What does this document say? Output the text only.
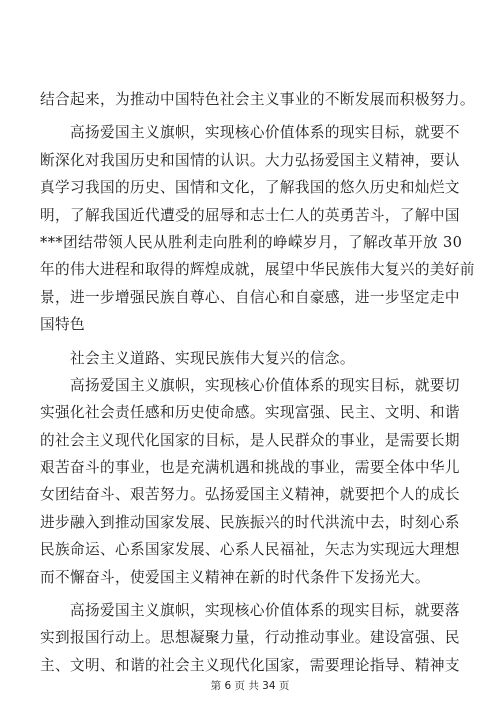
结合起来，为推动中国特色社会主义事业的不断发展而积极努力。
　　高扬爱国主义旗帜，实现核心价值体系的现实目标，就要不
断深化对我国历史和国情的认识。大力弘扬爱国主义精神，要认
真学习我国的历史、国情和文化，了解我国的悠久历史和灿烂文
明，了解我国近代遭受的屈辱和志士仁人的英勇苦斗，了解中国
***团结带领人民从胜利走向胜利的峥嵘岁月，了解改革开放 30
年的伟大进程和取得的辉煌成就，展望中华民族伟大复兴的美好前
景，进一步增强民族自尊心、自信心和自豪感，进一步坚定走中
国特色
　　社会主义道路、实现民族伟大复兴的信念。
　　高扬爱国主义旗帜，实现核心价值体系的现实目标，就要切
实强化社会责任感和历史使命感。实现富强、民主、文明、和谐
的社会主义现代化国家的目标，是人民群众的事业，是需要长期
艰苦奋斗的事业，也是充满机遇和挑战的事业，需要全体中华儿
女团结奋斗、艰苦努力。弘扬爱国主义精神，就要把个人的成长
进步融入到推动国家发展、民族振兴的时代洪流中去，时刻心系
民族命运、心系国家发展、心系人民福祉，矢志为实现远大理想
而不懈奋斗，使爱国主义精神在新的时代条件下发扬光大。
　　高扬爱国主义旗帜，实现核心价值体系的现实目标，就要落
实到报国行动上。思想凝聚力量，行动推动事业。建设富强、民
主、文明、和谐的社会主义现代化国家，需要理论指导、精神支
第 6 页 共 34 页
